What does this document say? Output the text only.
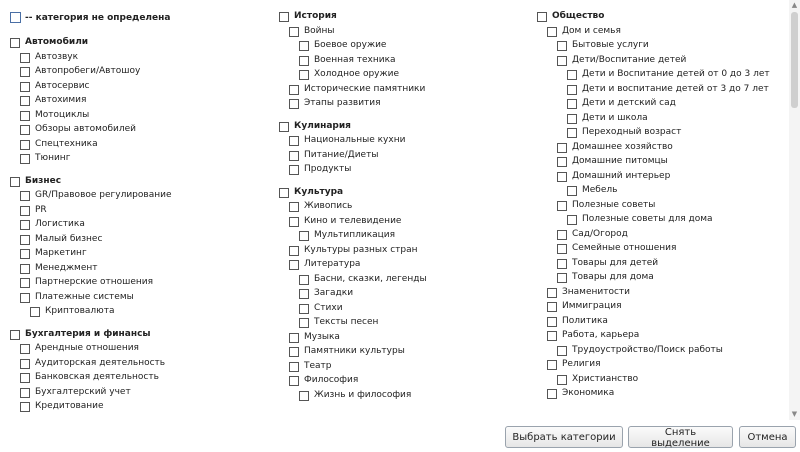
-- категория не определена
Автомобили
Автозвук
Автопробеги/Автошоу
Автосервис
Автохимия
Мотоциклы
Обзоры автомобилей
Спецтехника
Тюнинг
Бизнес
GR/Правовое регулирование
PR
Логистика
Малый бизнес
Маркетинг
Менеджмент
Партнерские отношения
Платежные системы
Криптовалюта
Бухгалтерия и финансы
Арендные отношения
Аудиторская деятельность
Банковская деятельность
Бухгалтерский учет
Кредитование
История
Войны
Боевое оружие
Военная техника
Холодное оружие
Исторические памятники
Этапы развития
Кулинария
Национальные кухни
Питание/Диеты
Продукты
Культура
Живопись
Кино и телевидение
Мультипликация
Культуры разных стран
Литература
Басни, сказки, легенды
Загадки
Стихи
Тексты песен
Музыка
Памятники культуры
Театр
Философия
Жизнь и философия
Общество
Дом и семья
Бытовые услуги
Дети/Воспитание детей
Дети и Воспитание детей от 0 до 3 лет
Дети и воспитание детей от 3 до 7 лет
Дети и детский сад
Дети и школа
Переходный возраст
Домашнее хозяйство
Домашние питомцы
Домашний интерьер
Мебель
Полезные советы
Полезные советы для дома
Сад/Огород
Семейные отношения
Товары для детей
Товары для дома
Знаменитости
Иммиграция
Политика
Работа, карьера
Трудоустройство/Поиск работы
Религия
Христианство
Экономика
▲
▼
Выбрать категории	Снять выделение
Отмена
